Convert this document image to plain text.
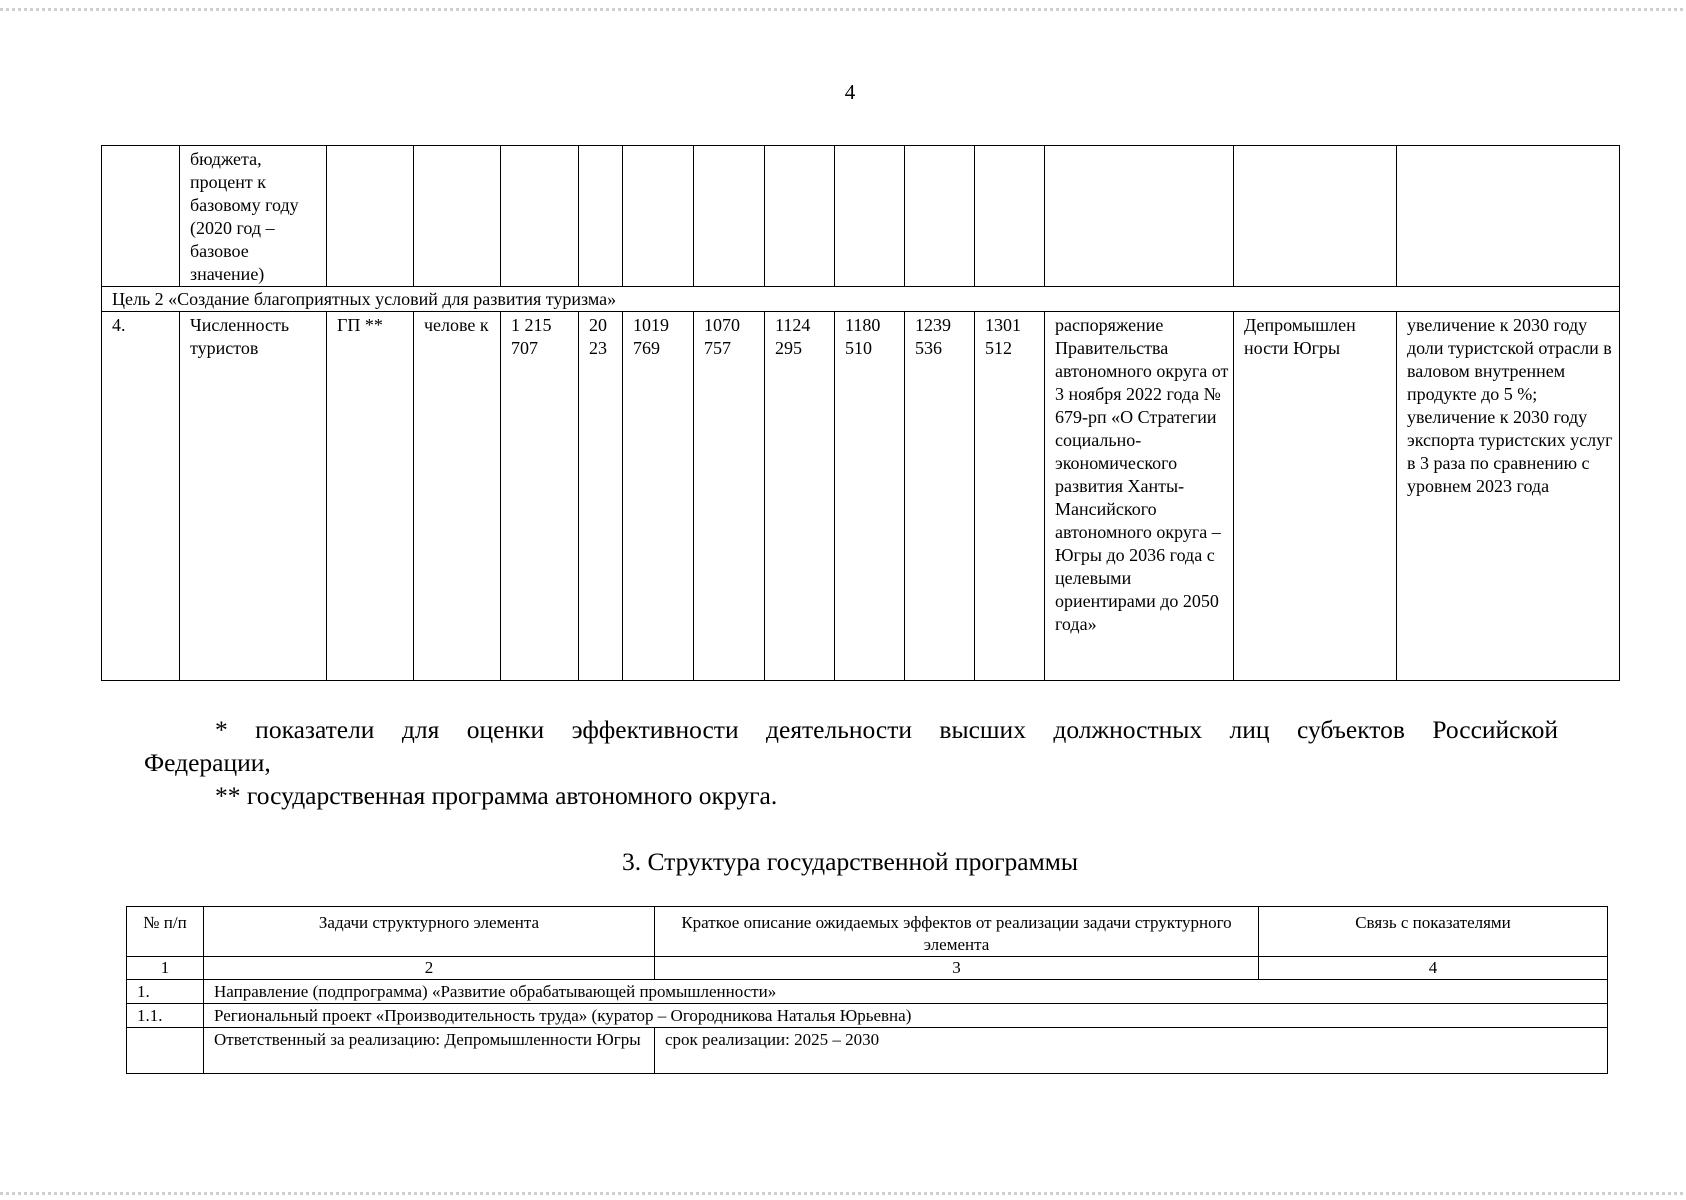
4
	бюджета, процент к базовому году (2020 год – базовое значение)													
Цель 2 «Создание благоприятных условий для развития туризма»														
4.	Численность туристов	ГП **	челове к	1 215 707	20 23	1019 769	1070 757	1124 295	1180 510	1239 536	1301 512	распоряжение Правительства автономного округа от 3 ноября 2022 года № 679-рп «О Стратегии социально-экономического развития Ханты-Мансийского автономного округа – Югры до 2036 года с целевыми ориентирами до 2050 года»	Депромышлен ности Югры	увеличение к 2030 году доли туристской отрасли в валовом внутреннем продукте до 5 %; увеличение к 2030 году экспорта туристских услуг в 3 раза по сравнению с уровнем 2023 года

* показатели для оценки эффективности деятельности высших должностных лиц субъектов Российской

Федерации,

** государственная программа автономного округа.

3. Структура государственной программы
№ п/п	Задачи структурного элемента	Краткое описание ожидаемых эффектов от реализации задачи структурного элемента	Связь с показателями
1	2	3	4
1.	Направление (подпрограмма) «Развитие обрабатывающей промышленности»		
1.1.	Региональный проект «Производительность труда» (куратор – Огородникова Наталья Юрьевна)		
	Ответственный за реализацию: Депромышленности Югры	срок реализации: 2025 – 2030	
